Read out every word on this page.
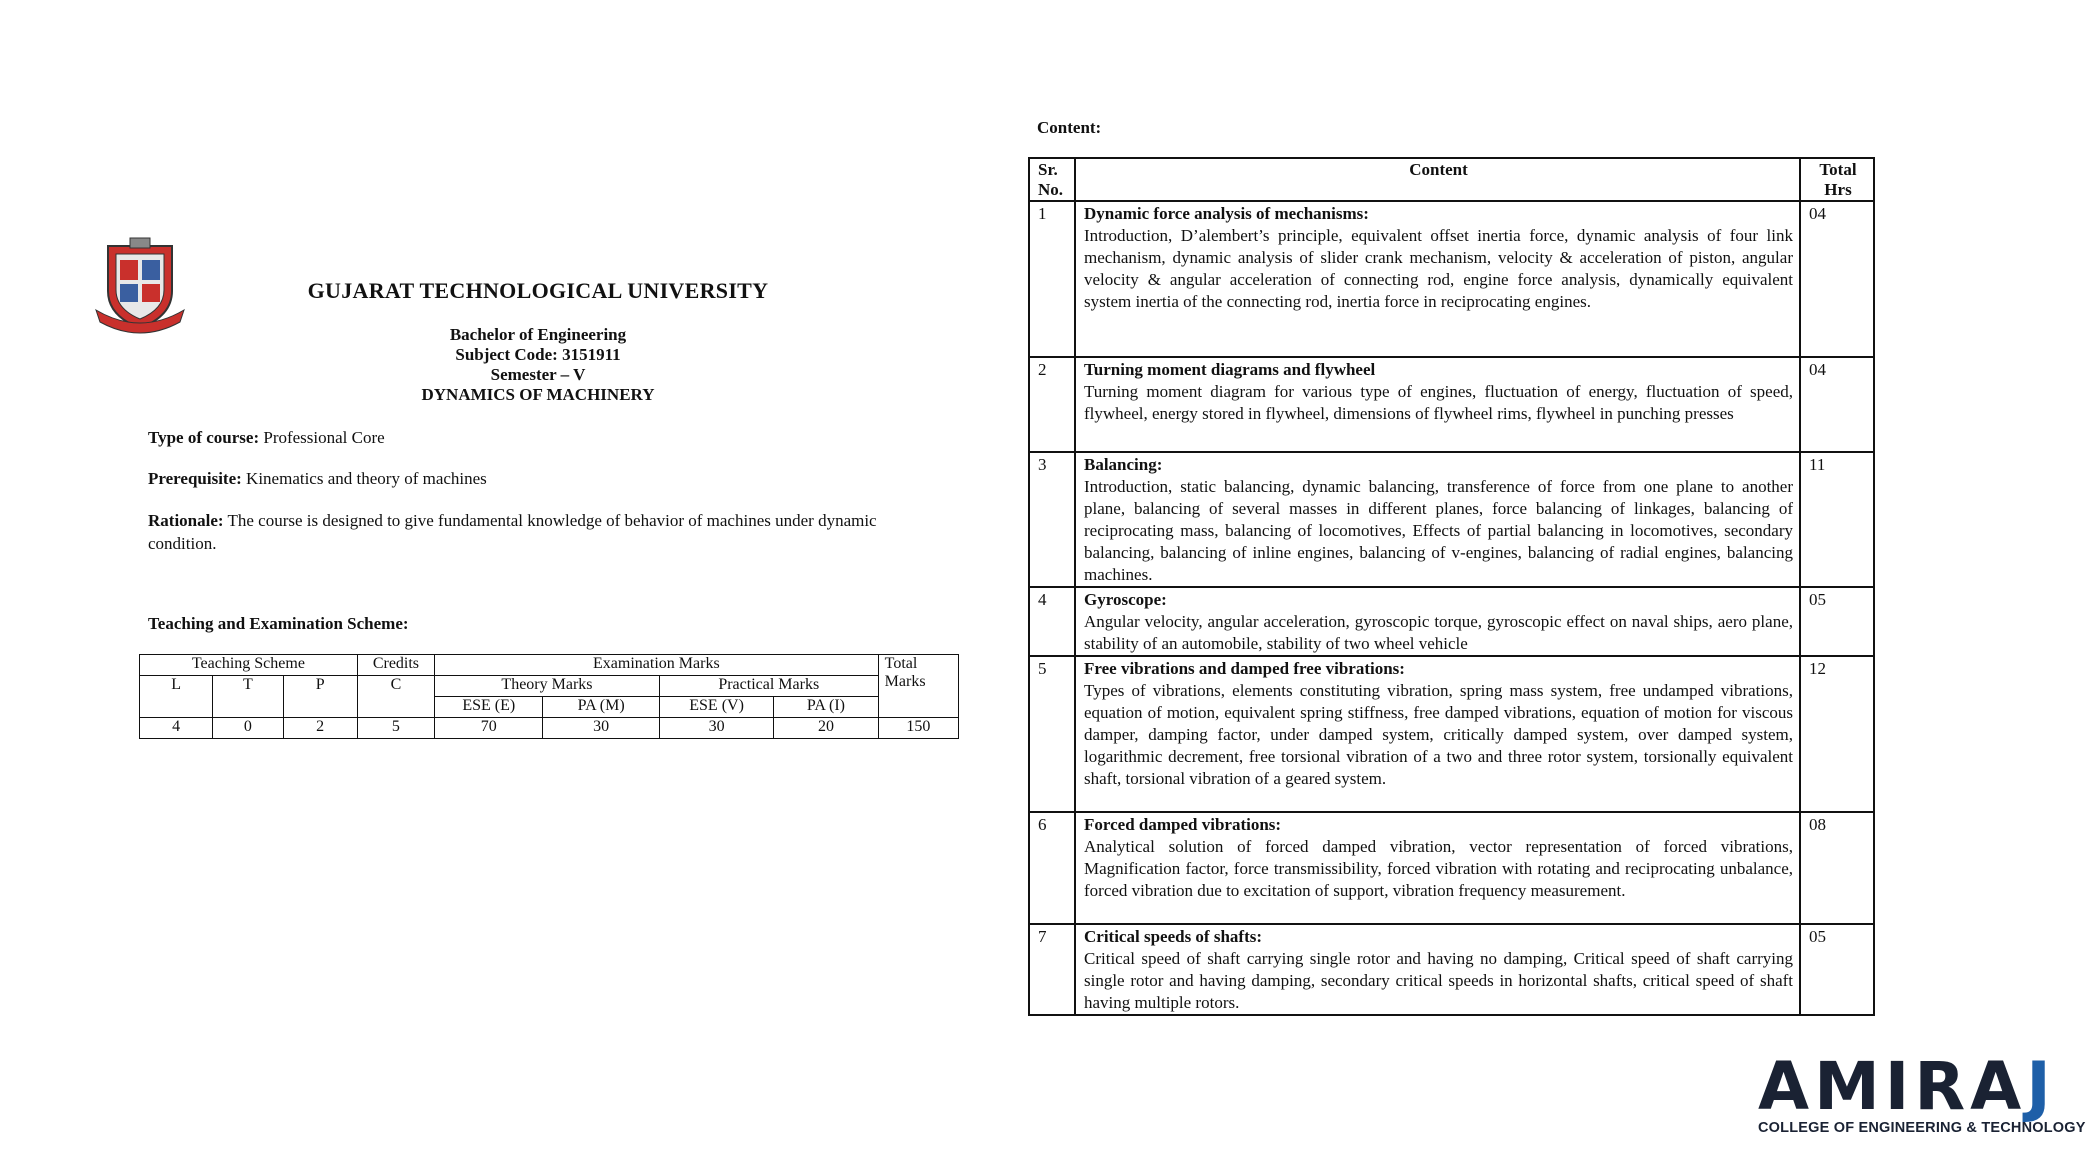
GUJARAT TECHNOLOGICAL UNIVERSITY
Bachelor of Engineering
Subject Code: 3151911
Semester – V
DYNAMICS OF MACHINERY
Type of course: Professional Core
Prerequisite: Kinematics and theory of machines
Rationale: The course is designed to give fundamental knowledge of behavior of machines under dynamic condition.
Teaching and Examination Scheme:
Teaching Scheme			Credits	Examination Marks				Total
Marks
L	T	P	C	Theory Marks		Practical Marks		
				ESE (E)	PA (M)	ESE (V)	PA (I)	
4	0	2	5	70	30	30	20	150
Content:
Sr.
No.	Content	Total
Hrs
1	Dynamic force analysis of mechanisms:
Introduction, D’alembert’s principle, equivalent offset inertia force, dynamic analysis of four link mechanism, dynamic analysis of slider crank mechanism, velocity & acceleration of piston, angular velocity & angular acceleration of connecting rod, engine force analysis, dynamically equivalent system inertia of the connecting rod, inertia force in reciprocating engines.	04
2	Turning moment diagrams and flywheel
Turning moment diagram for various type of engines, fluctuation of energy, fluctuation of speed, flywheel, energy stored in flywheel, dimensions of flywheel rims, flywheel in punching presses	04
3	Balancing:
Introduction, static balancing, dynamic balancing, transference of force from one plane to another plane, balancing of several masses in different planes, force balancing of linkages, balancing of reciprocating mass, balancing of locomotives, Effects of partial balancing in locomotives, secondary balancing, balancing of inline engines, balancing of v-engines, balancing of radial engines, balancing machines.	11
4	Gyroscope:
Angular velocity, angular acceleration, gyroscopic torque, gyroscopic effect on naval ships, aero plane, stability of an automobile, stability of two wheel vehicle	05
5	Free vibrations and damped free vibrations:
Types of vibrations, elements constituting vibration, spring mass system, free undamped vibrations, equation of motion, equivalent spring stiffness, free damped vibrations, equation of motion for viscous damper, damping factor, under damped system, critically damped system, over damped system, logarithmic decrement, free torsional vibration of a two and three rotor system, torsionally equivalent shaft, torsional vibration of a geared system.	12
6	Forced damped vibrations:
Analytical solution of forced damped vibration, vector representation of forced vibrations, Magnification factor, force transmissibility, forced vibration with rotating and reciprocating unbalance, forced vibration due to excitation of support, vibration frequency measurement.	08
7	Critical speeds of shafts:
Critical speed of shaft carrying single rotor and having no damping, Critical speed of shaft carrying single rotor and having damping, secondary critical speeds in horizontal shafts, critical speed of shaft having multiple rotors.	05
AMIRAJ
COLLEGE OF ENGINEERING & TECHNOLOGY
